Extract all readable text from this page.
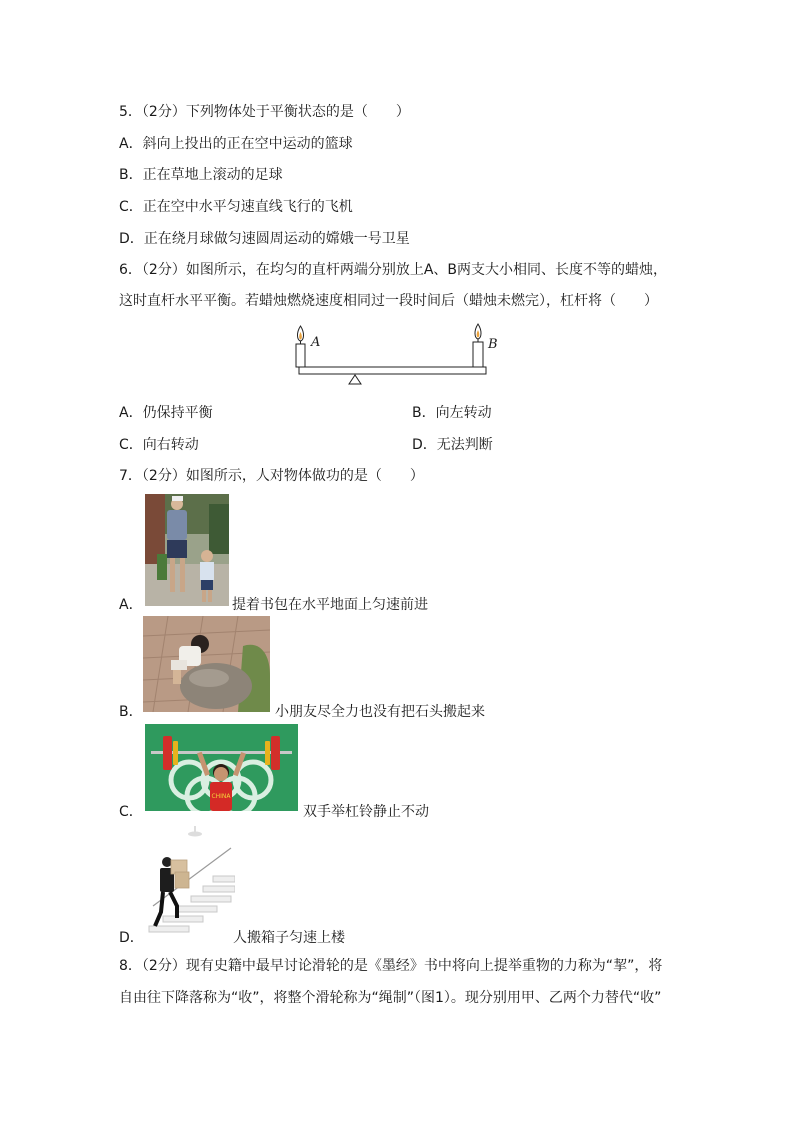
5．（2分）下列物体处于平衡状态的是（　　）
A．斜向上投出的正在空中运动的篮球
B．正在草地上滚动的足球
C．正在空中水平匀速直线飞行的飞机
D．正在绕月球做匀速圆周运动的嫦娥一号卫星
6．（2分）如图所示，在均匀的直杆两端分别放上A、B两支大小相同、长度不等的蜡烛，
这时直杆水平平衡。若蜡烛燃烧速度相同过一段时间后（蜡烛未燃完），杠杆将（　　）
A	B
A．仍保持平衡	B．向左转动
C．向右转动	D．无法判断
7．（2分）如图所示，人对物体做功的是（　　）
A．	提着书包在水平地面上匀速前进
B．	小朋友尽全力也没有把石头搬起来
CHINA
C．	双手举杠铃静止不动
D．	人搬箱子匀速上楼
8．（2分）现有史籍中最早讨论滑轮的是《墨经》书中将向上提举重物的力称为“挈”，将
自由往下降落称为“收”，将整个滑轮称为“绳制”（图1）。现分别用甲、乙两个力替代“收”
